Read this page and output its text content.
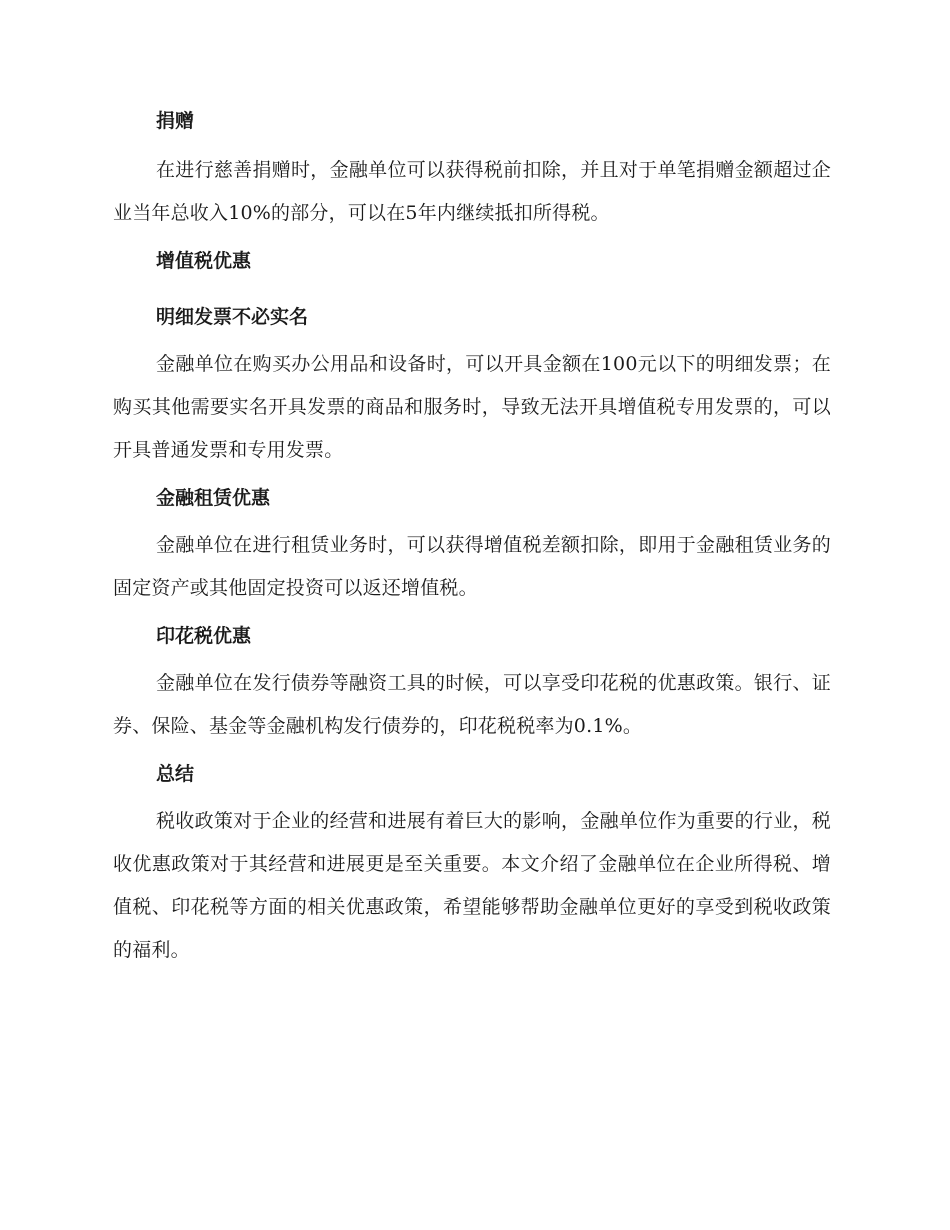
捐赠

在进行慈善捐赠时，金融单位可以获得税前扣除，并且对于单笔捐赠金额超过企业当年总收入10%的部分，可以在5年内继续抵扣所得税。

增值税优惠
明细发票不必实名

金融单位在购买办公用品和设备时，可以开具金额在100元以下的明细发票；在购买其他需要实名开具发票的商品和服务时，导致无法开具增值税专用发票的，可以开具普通发票和专用发票。

金融租赁优惠

金融单位在进行租赁业务时，可以获得增值税差额扣除，即用于金融租赁业务的固定资产或其他固定投资可以返还增值税。

印花税优惠

金融单位在发行债券等融资工具的时候，可以享受印花税的优惠政策。银行、证券、保险、基金等金融机构发行债券的，印花税税率为0.1%。

总结

税收政策对于企业的经营和进展有着巨大的影响，金融单位作为重要的行业，税收优惠政策对于其经营和进展更是至关重要。本文介绍了金融单位在企业所得税、增值税、印花税等方面的相关优惠政策，希望能够帮助金融单位更好的享受到税收政策的福利。
